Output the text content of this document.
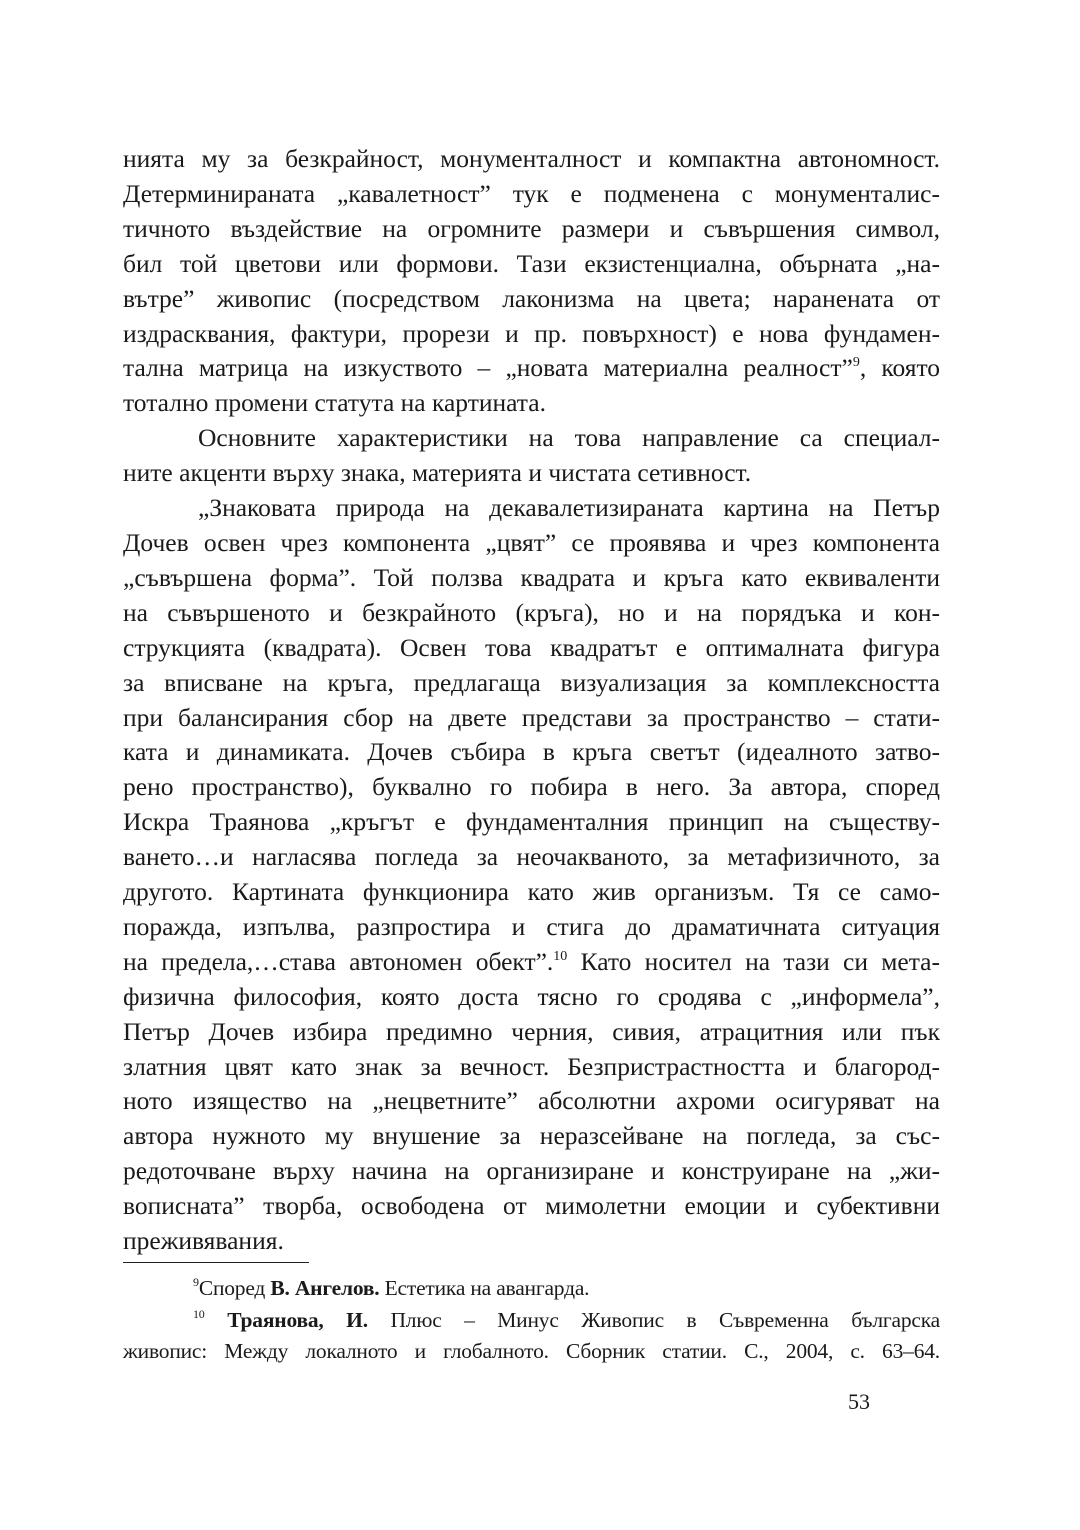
нията му за безкрайност, монументалност и компактна автономност.
Детерминираната „кавалетност” тук е подменена с монументалис-
тичното въздействие на огромните размери и съвършения символ,
бил той цветови или формови. Тази екзистенциална, обърната „на-
вътре” живопис (посредством лаконизма на цвета; наранената от
издрасквания, фактури, прорези и пр. повърхност) е нова фундамен-
тална матрица на изкуството – „новата материална реалност”$^9$, която
тотално промени статута на картината.
Основните характеристики на това направление са специал-
ните акценти върху знака, материята и чистата сетивност.
„Знаковата природа на декавалетизираната картина на Петър
Дочев освен чрез компонента „цвят” се проявява и чрез компонента
„съвършена форма”. Той ползва квадрата и кръга като еквиваленти
на съвършеното и безкрайното (кръга), но и на порядъка и кон-
струкцията (квадрата). Освен това квадратът е оптималната фигура
за вписване на кръга, предлагаща визуализация за комплексността
при балансирания сбор на двете представи за пространство – стати-
ката и динамиката. Дочев събира в кръга светът (идеалното затво-
рено пространство), буквално го побира в него. За автора, според
Искра Траянова „кръгът е фундаменталния принцип на съществу-
ването…и нагласява погледа за неочакваното, за метафизичното, за
другото. Картината функционира като жив организъм. Тя се само-
поражда, изпълва, разпростира и стига до драматичната ситуация
на предела,…става автономен обект”.$^{10}$ Като носител на тази си мета-
физична философия, която доста тясно го сродява с „информела”,
Петър Дочев избира предимно черния, сивия, атрацитния или пък
златния цвят като знак за вечност. Безпристрастността и благород-
ното изящество на „нецветните” абсолютни ахроми осигуряват на
автора нужното му внушение за неразсейване на погледа, за със-
редоточване върху начина на организиране и конструиране на „жи-
вописната” творба, освободена от мимолетни емоции и субективни
преживявания.
$^9$Според В. Ангелов. Естетика на авангарда.
$^{10}$ Траянова, И. Плюс – Минус Живопис в Съвременна българска
живопис: Между локалното и глобалното. Сборник статии. С., 2004, с. 63–64.
53
